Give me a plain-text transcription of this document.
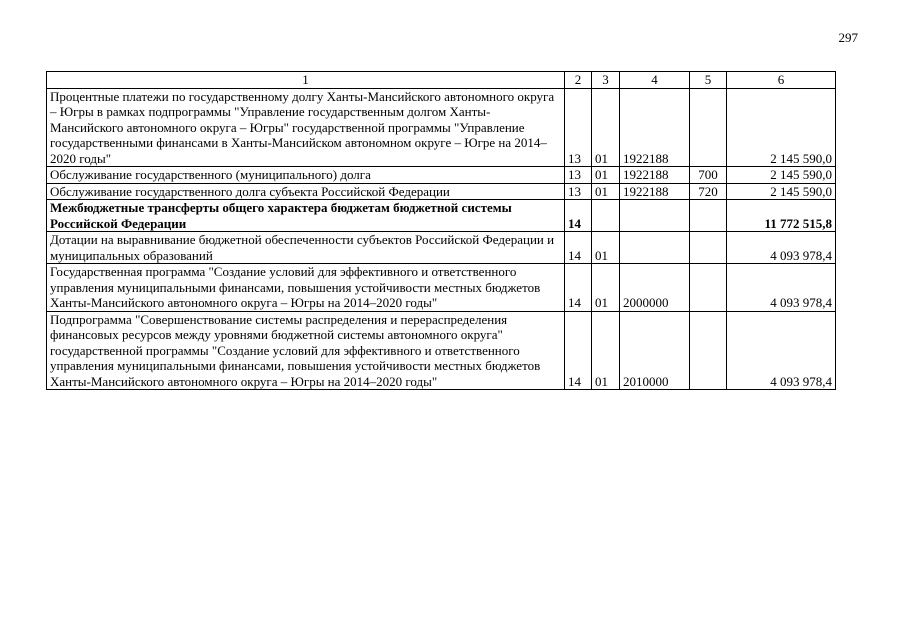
297
1	2	3	4	5	6
Процентные платежи по государственному долгу Ханты-Мансийского автономного округа – Югры в рамках подпрограммы "Управление государственным долгом Ханты-Мансийского автономного округа – Югры" государственной программы "Управление государственными финансами в Ханты-Мансийском автономном округе – Югре на 2014–2020 годы"	13	01	1922188		2 145 590,0
Обслуживание государственного (муниципального) долга	13	01	1922188	700	2 145 590,0
Обслуживание государственного долга субъекта Российской Федерации	13	01	1922188	720	2 145 590,0
Межбюджетные трансферты общего характера бюджетам бюджетной системы Российской Федерации	14				11 772 515,8
Дотации на выравнивание бюджетной обеспеченности субъектов Российской Федерации и муниципальных образований	14	01			4 093 978,4
Государственная программа "Создание условий для эффективного и ответственного управления муниципальными финансами, повышения устойчивости местных бюджетов Ханты-Мансийского автономного округа – Югры на 2014–2020 годы"	14	01	2000000		4 093 978,4
Подпрограмма "Совершенствование системы распределения и перераспределения финансовых ресурсов между уровнями бюджетной системы автономного округа" государственной программы "Создание условий для эффективного и ответственного управления муниципальными финансами, повышения устойчивости местных бюджетов Ханты-Мансийского автономного округа – Югры на 2014–2020 годы"	14	01	2010000		4 093 978,4
